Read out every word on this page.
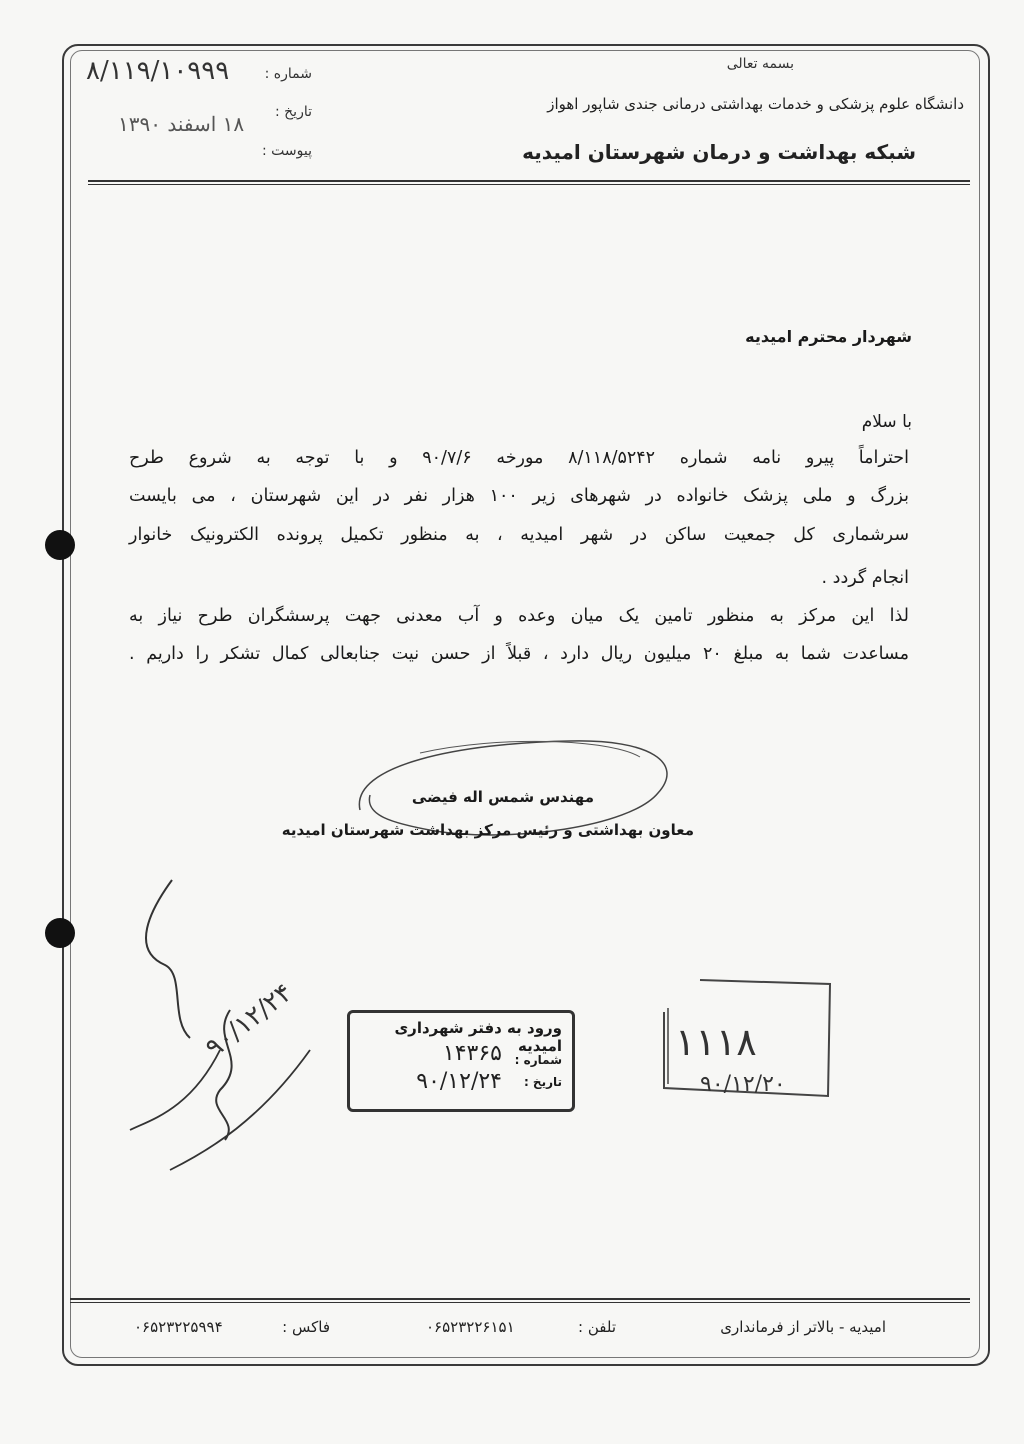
بسمه تعالی
دانشگاه علوم پزشکی و خدمات بهداشتی درمانی جندی شاپور اهواز
شبکه بهداشت و درمان شهرستان امیدیه
شماره :
۸/۱۱۹/۱۰۹۹۹
تاریخ :
۱۸ اسفند ۱۳۹۰
پیوست :
شهردار محترم امیدیه
با سلام
احتراماً پیرو نامه شماره ۸/۱۱۸/۵۲۴۲ مورخه ۹۰/۷/۶ و با توجه به شروع طرح
بزرگ و ملی پزشک خانواده در شهرهای زیر ۱۰۰ هزار نفر در این شهرستان ، می بایست
سرشماری کل جمعیت ساکن در شهر امیدیه ، به منظور تکمیل پرونده الکترونیک خانوار
انجام گردد .
لذا این مرکز به منظور تامین یک میان وعده و آب معدنی جهت پرسشگران طرح نیاز به
مساعدت شما به مبلغ ۲۰ میلیون ریال دارد ، قبلاً از حسن نیت جنابعالی کمال تشکر را داریم .
مهندس شمس اله فیضی
معاون بهداشتی و رئیس مرکز بهداشت شهرستان امیدیه
۹۰/۱۲/۲۴	ورود به دفتر شهرداری امیدیه
شماره :
تاریخ :
۱۴۳۶۵
۹۰/۱۲/۲۴
۱۱۱۸
۹۰/۱۲/۲۰
امیدیه - بالاتر از فرمانداری
تلفن :
۰۶۵۲۳۲۲۶۱۵۱
فاکس :
۰۶۵۲۳۲۲۵۹۹۴
